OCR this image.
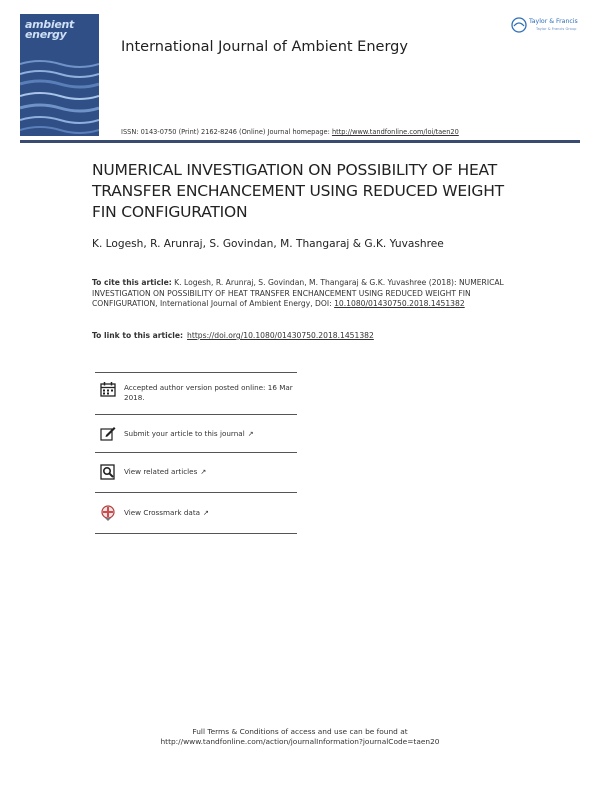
ambient
energy
International Journal of Ambient Energy
ISSN: 0143-0750 (Print) 2162-8246 (Online) Journal homepage: http://www.tandfonline.com/loi/taen20
Taylor & Francis
Taylor & Francis Group
NUMERICAL INVESTIGATION ON POSSIBILITY OF HEAT TRANSFER ENCHANCEMENT USING REDUCED WEIGHT FIN CONFIGURATION
K. Logesh, R. Arunraj, S. Govindan, M. Thangaraj & G.K. Yuvashree
To cite this article: K. Logesh, R. Arunraj, S. Govindan, M. Thangaraj & G.K. Yuvashree (2018): NUMERICAL INVESTIGATION ON POSSIBILITY OF HEAT TRANSFER ENCHANCEMENT USING REDUCED WEIGHT FIN CONFIGURATION, International Journal of Ambient Energy, DOI: 10.1080/01430750.2018.1451382
To link to this article: https://doi.org/10.1080/01430750.2018.1451382
Accepted author version posted online: 16 Mar 2018.
Submit your article to this journal ↗
View related articles ↗
View Crossmark data ↗
Full Terms & Conditions of access and use can be found at
http://www.tandfonline.com/action/journalInformation?journalCode=taen20
